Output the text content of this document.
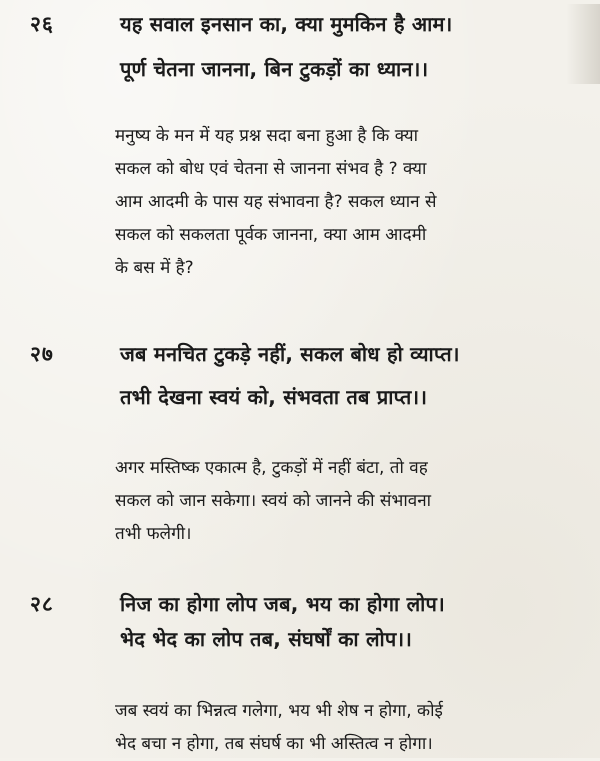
२६	यह सवाल इनसान का, क्या मुमकिन है आम।
पूर्ण चेतना जानना, बिन टुकड़ों का ध्यान।।
मनुष्य के मन में यह प्रश्न सदा बना हुआ है कि क्या
सकल को बोध एवं चेतना से जानना संभव है ? क्या
आम आदमी के पास यह संभावना है? सकल ध्यान से
सकल को सकलता पूर्वक जानना, क्या आम आदमी
के बस में है?
२७	जब मनचित टुकड़े नहीं, सकल बोध हो व्याप्त।
तभी देखना स्वयं को, संभवता तब प्राप्त।।
अगर मस्तिष्क एकात्म है, टुकड़ों में नहीं बंटा, तो वह
सकल को जान सकेगा। स्वयं को जानने की संभावना
तभी फलेगी।
२८	निज का होगा लोप जब, भय का होगा लोप।
भेद भेद का लोप तब, संघर्षों का लोप।।
जब स्वयं का भिन्नत्व गलेगा, भय भी शेष न होगा, कोई
भेद बचा न होगा, तब संघर्ष का भी अस्तित्व न होगा।
